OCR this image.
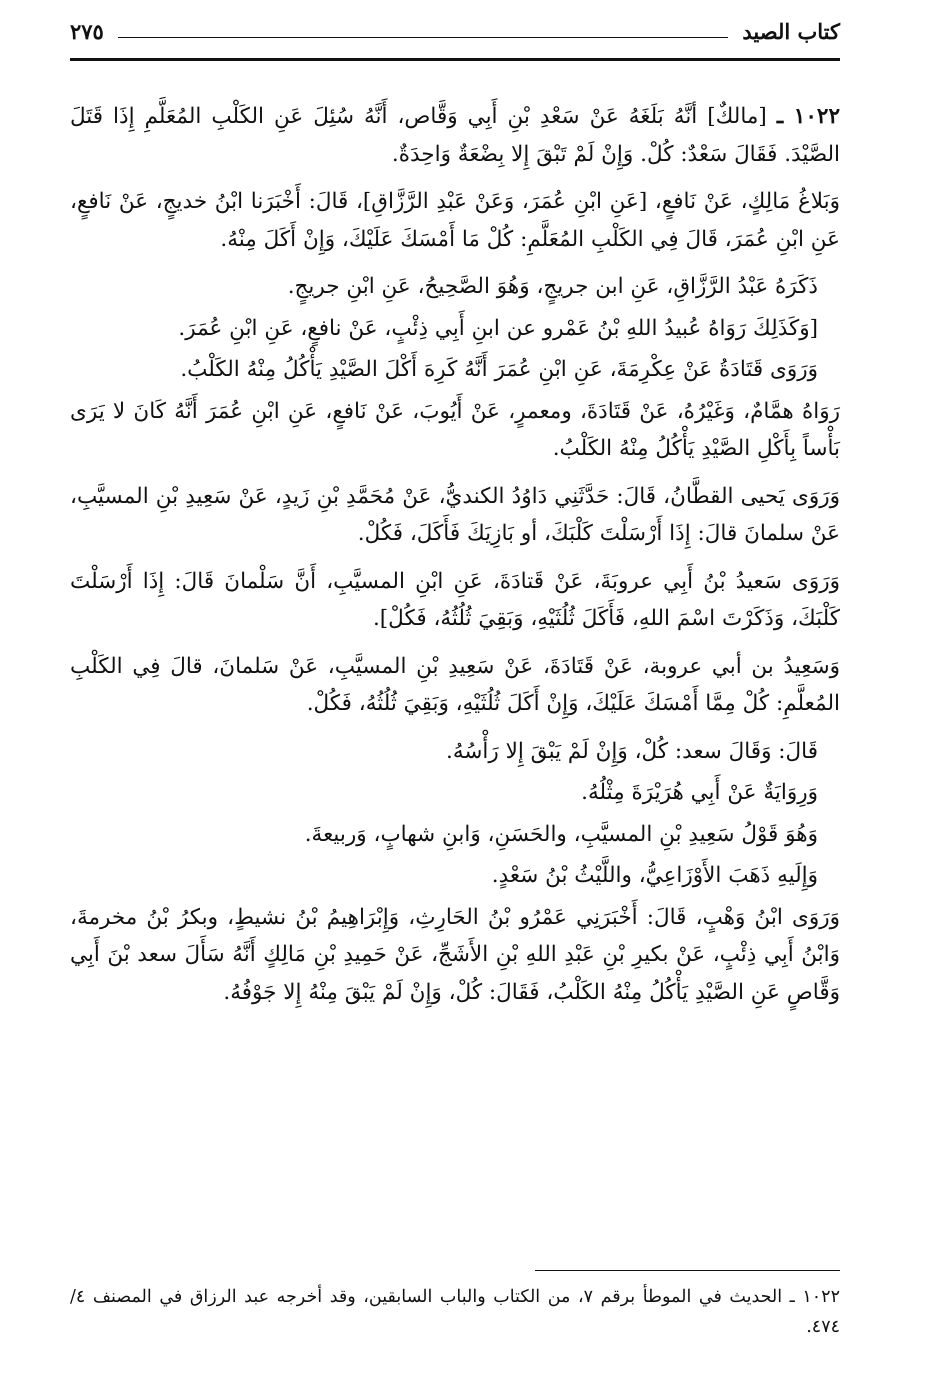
كتاب الصيد
٢٧٥

١٠٢٢ ـ [مالكٌ] أنَّهُ بَلَغَهُ عَنْ سَعْدِ بْنِ أَبِي وَقَّاص، أَنَّهُ سُئِلَ عَنِ الكَلْبِ المُعَلَّمِ إِذَا قَتَلَ الصَّيْدَ. فَقَالَ سَعْدٌ: كُلْ. وَإِنْ لَمْ تَبْقَ إِلا بِضْعَةٌ وَاحِدَةٌ.

وَبَلاغُ مَالِكٍ، عَنْ نَافعٍ، [عَنِ ابْنِ عُمَرَ، وَعَنْ عَبْدِ الرَّزَّاقِ]، قَالَ: أَخْبَرَنا ابْنُ خديجٍ، عَنْ نَافعٍ، عَنِ ابْنِ عُمَرَ، قَالَ فِي الكَلْبِ المُعَلَّمِ: كُلْ مَا أَمْسَكَ عَلَيْكَ، وَإِنْ أَكَلَ مِنْهُ.

ذَكَرَهُ عَبْدُ الرَّزَّاقِ، عَنِ ابن جريجٍ، وَهُوَ الصَّحِيحُ، عَنِ ابْنِ جريجٍ.

[وَكَذَلِكَ رَوَاهُ عُبيدُ اللهِ بْنُ عَمْرو عن ابنِ أَبِي ذِئْبٍ، عَنْ نافعٍ، عَنِ ابْنِ عُمَرَ.

وَرَوَى قَتَادَةُ عَنْ عِكْرِمَةَ، عَنِ ابْنِ عُمَرَ أَنَّهُ كَرِهَ أَكْلَ الصَّيْدِ يَأْكُلُ مِنْهُ الكَلْبُ.

رَوَاهُ همَّامٌ، وَغَيْرُهُ، عَنْ قَتَادَةَ، ومعمرٍ، عَنْ أَيُوبَ، عَنْ نَافعٍ، عَنِ ابْنِ عُمَرَ أَنَّهُ كَانَ لا يَرَى بَأْساً بِأَكْلِ الصَّيْدِ يَأْكُلُ مِنْهُ الكَلْبُ.

وَرَوَى يَحيى القطَّانُ، قَالَ: حَدَّثَنِي دَاوُدُ الكنديُّ، عَنْ مُحَمَّدِ بْنِ زَيدٍ، عَنْ سَعِيدِ بْنِ المسيَّبِ، عَنْ سلمانَ قالَ: إِذَا أَرْسَلْتَ كَلْبَكَ، أو بَازِيَكَ فَأَكَلَ، فَكُلْ.

وَرَوَى سَعيدُ بْنُ أَبِي عروبَةَ، عَنْ قَتادَةَ، عَنِ ابْنِ المسيَّبِ، أَنَّ سَلْمانَ قَالَ: إِذَا أَرْسَلْتَ كَلْبَكَ، وَذَكَرْتَ اسْمَ اللهِ، فَأَكَلَ ثُلُثَيْهِ، وَبَقِيَ ثُلُثُهُ، فَكُلْ].

وَسَعِيدُ بن أبي عروبة، عَنْ قَتَادَةَ، عَنْ سَعِيدِ بْنِ المسيَّبِ، عَنْ سَلمانَ، قالَ فِي الكَلْبِ المُعلَّمِ: كُلْ مِمَّا أَمْسَكَ عَلَيْكَ، وَإِنْ أَكَلَ ثُلُثَيْهِ، وَبَقِيَ ثُلُثُهُ، فَكُلْ.

قَالَ: وَقَالَ سعد: كُلْ، وَإِنْ لَمْ يَبْقَ إِلا رَأْسُهُ.

وَرِوَايَةٌ عَنْ أَبِي هُرَيْرَةَ مِثْلُهُ.

وَهُوَ قَوْلُ سَعِيدِ بْنِ المسيَّبِ، والحَسَنِ، وَابنِ شهابٍ، وَربيعةَ.

وَإِلَيهِ ذَهَبَ الأَوْزَاعِيُّ، واللَّيْثُ بْنُ سَعْدٍ.

وَرَوَى ابْنُ وَهْبٍ، قَالَ: أَخْبَرَنِي عَمْرُو بْنُ الحَارِثِ، وَإِبْرَاهِيمُ بْنُ نشيطٍ، وبكرُ بْنُ مخرمةَ، وَابْنُ أَبِي ذِئْبٍ، عَنْ بكيرِ بْنِ عَبْدِ اللهِ بْنِ الأَشَجِّ، عَنْ حَمِيدِ بْنِ مَالِكٍ أَنَّهُ سَأَلَ سعد بْنَ أَبِي وَقَّاصٍ عَنِ الصَّيْدِ يَأْكُلُ مِنْهُ الكَلْبُ، فَقَالَ: كُلْ، وَإِنْ لَمْ يَبْقَ مِنْهُ إِلا جَوْفُهُ.

١٠٢٢ ـ الحديث في الموطأ برقم ٧، من الكتاب والباب السابقين، وقد أخرجه عبد الرزاق في المصنف ٤/ ٤٧٤.
